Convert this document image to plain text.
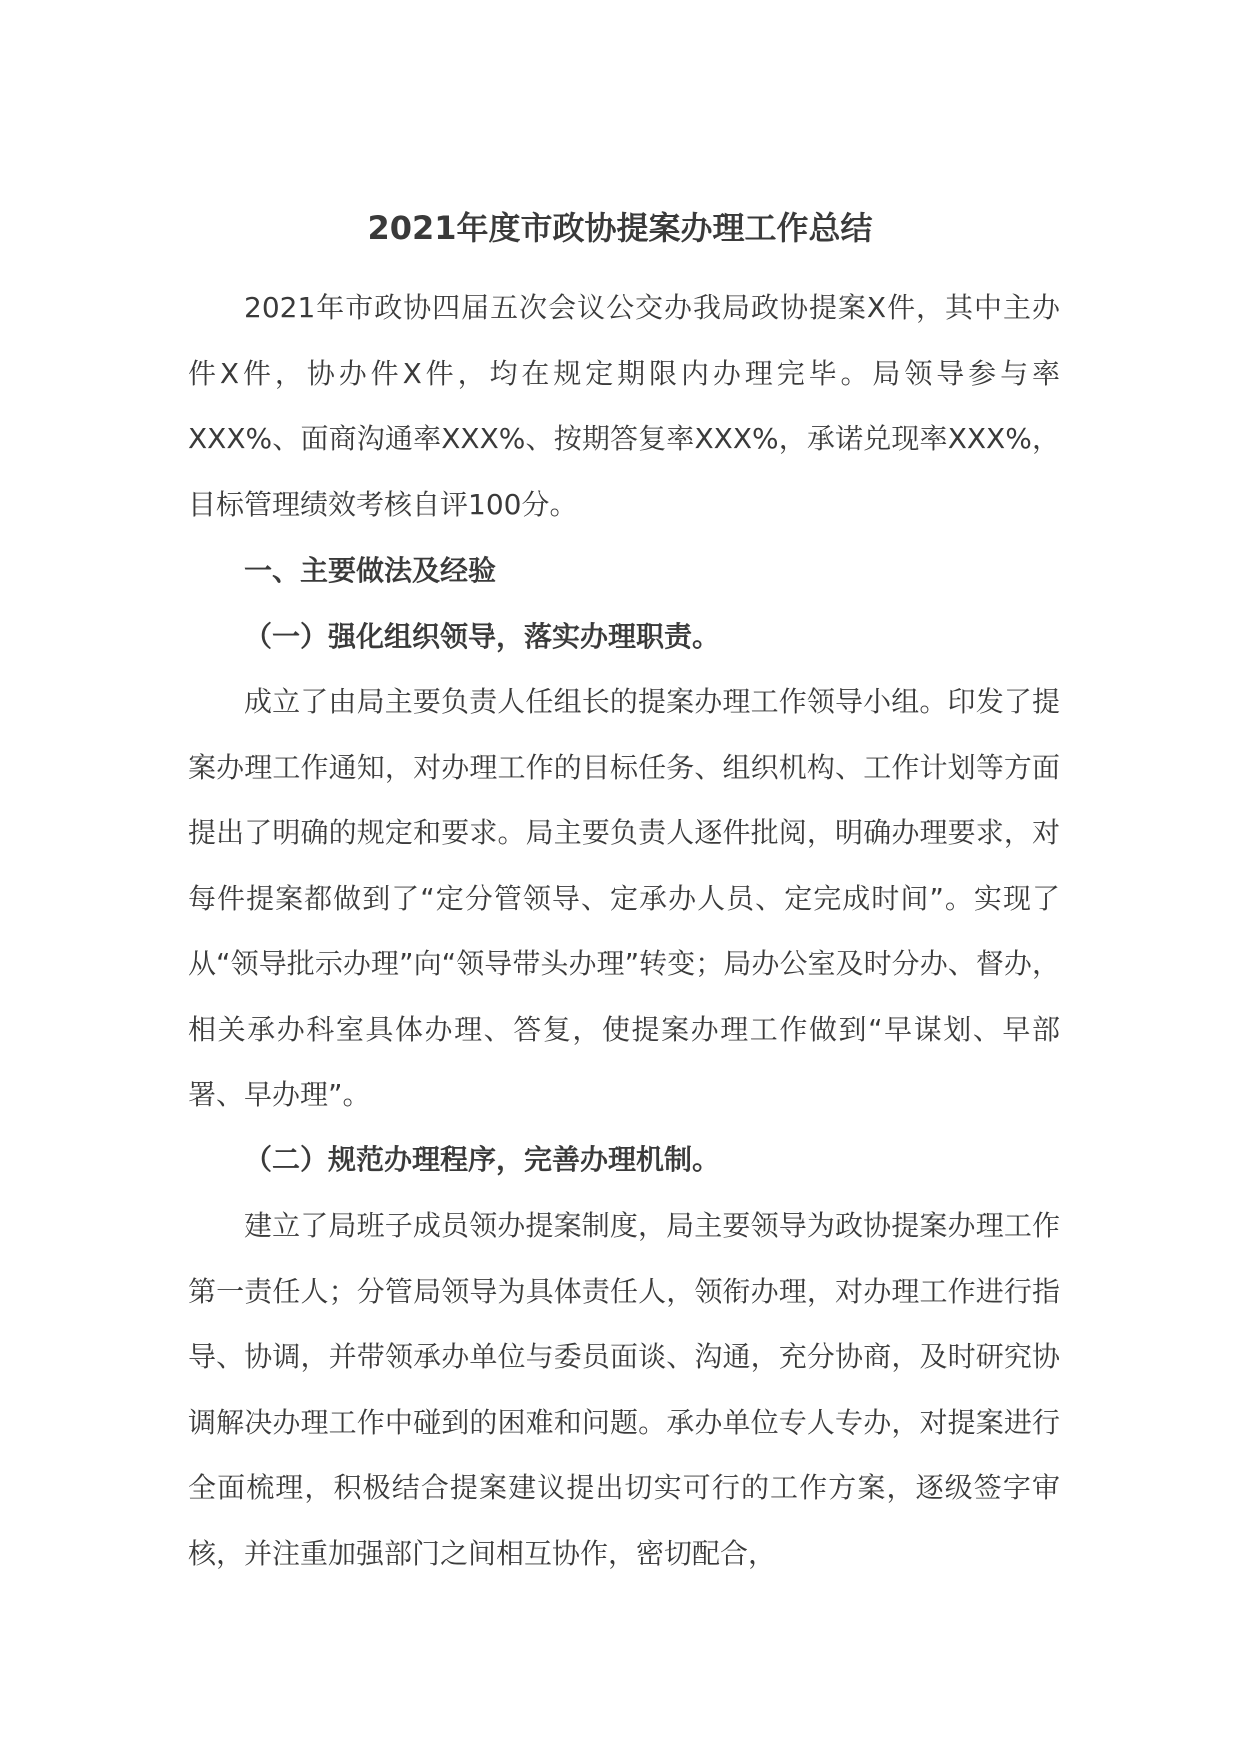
2021年度市政协提案办理工作总结

2021年市政协四届五次会议公交办我局政协提案X件，其中主办件X件，协办件X件，均在规定期限内办理完毕。局领导参与率XXX%、面商沟通率XXX%、按期答复率XXX%，承诺兑现率XXX%，目标管理绩效考核自评100分。

一、主要做法及经验

（一）强化组织领导，落实办理职责。

成立了由局主要负责人任组长的提案办理工作领导小组。印发了提案办理工作通知，对办理工作的目标任务、组织机构、工作计划等方面提出了明确的规定和要求。局主要负责人逐件批阅，明确办理要求，对每件提案都做到了“定分管领导、定承办人员、定完成时间”。实现了从“领导批示办理”向“领导带头办理”转变；局办公室及时分办、督办，相关承办科室具体办理、答复，使提案办理工作做到“早谋划、早部署、早办理”。

（二）规范办理程序，完善办理机制。

建立了局班子成员领办提案制度，局主要领导为政协提案办理工作第一责任人；分管局领导为具体责任人，领衔办理，对办理工作进行指导、协调，并带领承办单位与委员面谈、沟通，充分协商，及时研究协调解决办理工作中碰到的困难和问题。承办单位专人专办，对提案进行全面梳理，积极结合提案建议提出切实可行的工作方案，逐级签字审核，并注重加强部门之间相互协作，密切配合，
